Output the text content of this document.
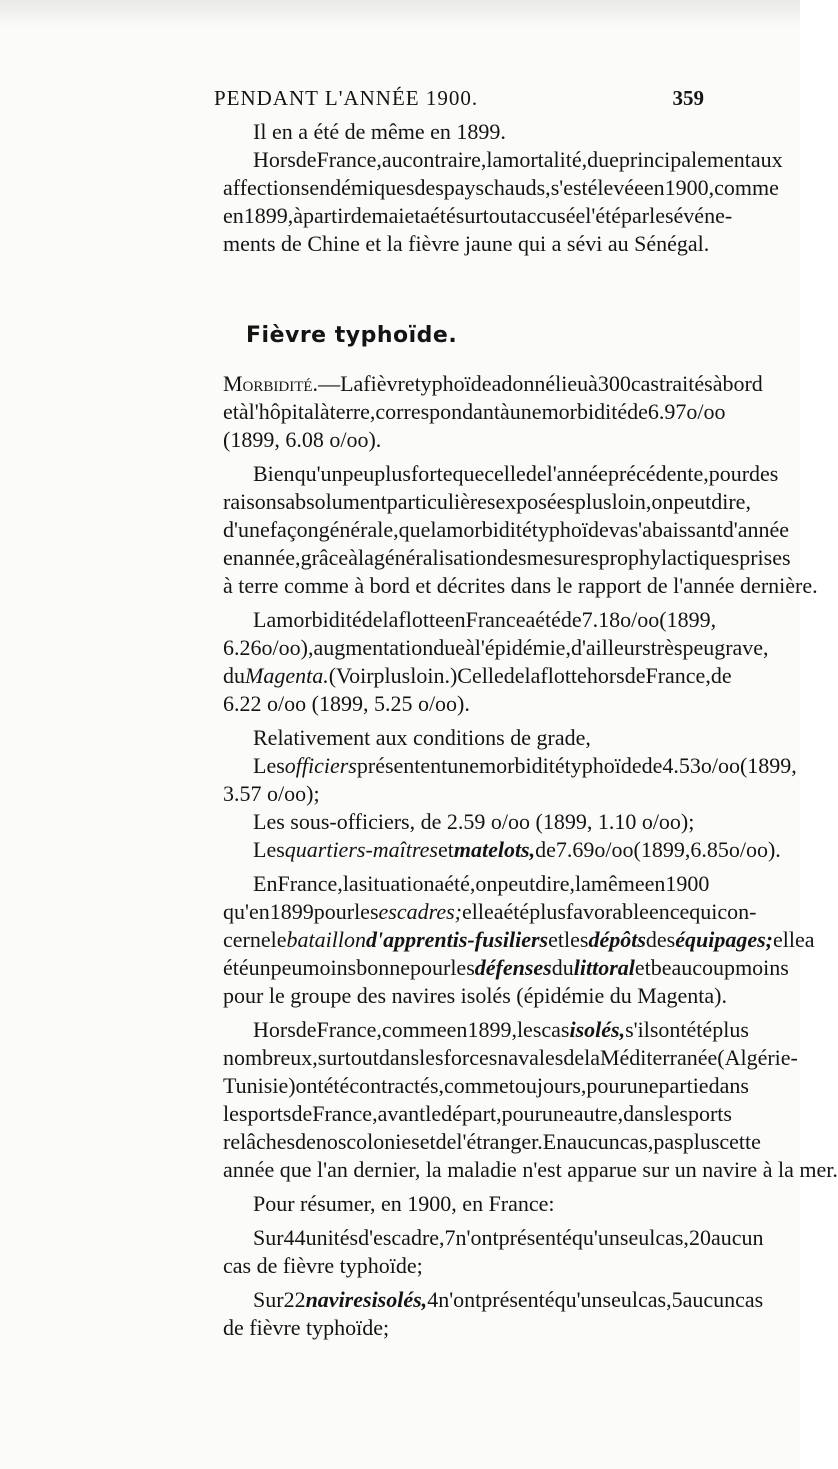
PENDANT L'ANNÉE 1900.	359
Il en a été de même en 1899.
Hors de France, au contraire, la mortalité, due principalement aux
affections endémiques des pays chauds, s'est élevée en 1900, comme
en 1899, à partir de mai et a été surtout accusée l'été par les événe-
ments de Chine et la fièvre jaune qui a sévi au Sénégal.
Morbidité. — La fièvre typhoïde a donné lieu à 300 cas traités à bord
et à l'hôpital à terre, correspondant à une morbidité de 6.97 o/oo
(1899, 6.08 o/oo).
Bien qu'un peu plus forte que celle de l'année précédente, pour des
raisons absolument particulières exposées plus loin, on peut dire,
d'une façon générale, que la morbidité typhoïde va s'abaissant d'année
en année, grâce à la généralisation des mesures prophylactiques prises
à terre comme à bord et décrites dans le rapport de l'année dernière.
La morbidité de la flotte en France a été de 7.18 o/oo (1899,
6.26 o/oo), augmentation due à l'épidémie, d'ailleurs très peu grave,
du Magenta. (Voir plus loin.) Celle de la flotte hors de France, de
6.22 o/oo (1899, 5.25 o/oo).
Relativement aux conditions de grade,
Les officiers présentent une morbidité typhoïde de 4.53 o/oo (1899,
3.57 o/oo);
Les sous-officiers, de 2.59 o/oo (1899, 1.10 o/oo);
Les quartiers-maîtres et matelots, de 7.69 o/oo (1899, 6.85 o/oo).
En France, la situation a été, on peut dire, la même en 1900
qu'en 1899 pour les escadres; elle a été plus favorable en ce qui con-
cerne le bataillon d'apprentis-fusiliers et les dépôts des équipages; elle a
été un peu moins bonne pour les défenses du littoral et beaucoup moins
pour le groupe des navires isolés (épidémie du Magenta).
Hors de France, comme en 1899, les cas isolés, s'ils ont été plus
nombreux, surtout dans les forces navales de la Méditerranée (Algérie-
Tunisie) ont été contractés, comme toujours, pour une partie dans
les ports de France, avant le départ, pour une autre, dans les ports
relâches de nos colonies et de l'étranger. En aucun cas, pas plus cette
année que l'an dernier, la maladie n'est apparue sur un navire à la mer.
Pour résumer, en 1900, en France:
Sur 44 unités d'escadre, 7 n'ont présenté qu'un seul cas, 20 aucun
cas de fièvre typhoïde;
Sur 22 navires isolés, 4 n'ont présenté qu'un seul cas, 5 aucun cas
de fièvre typhoïde;
Fièvre typhoïde.
